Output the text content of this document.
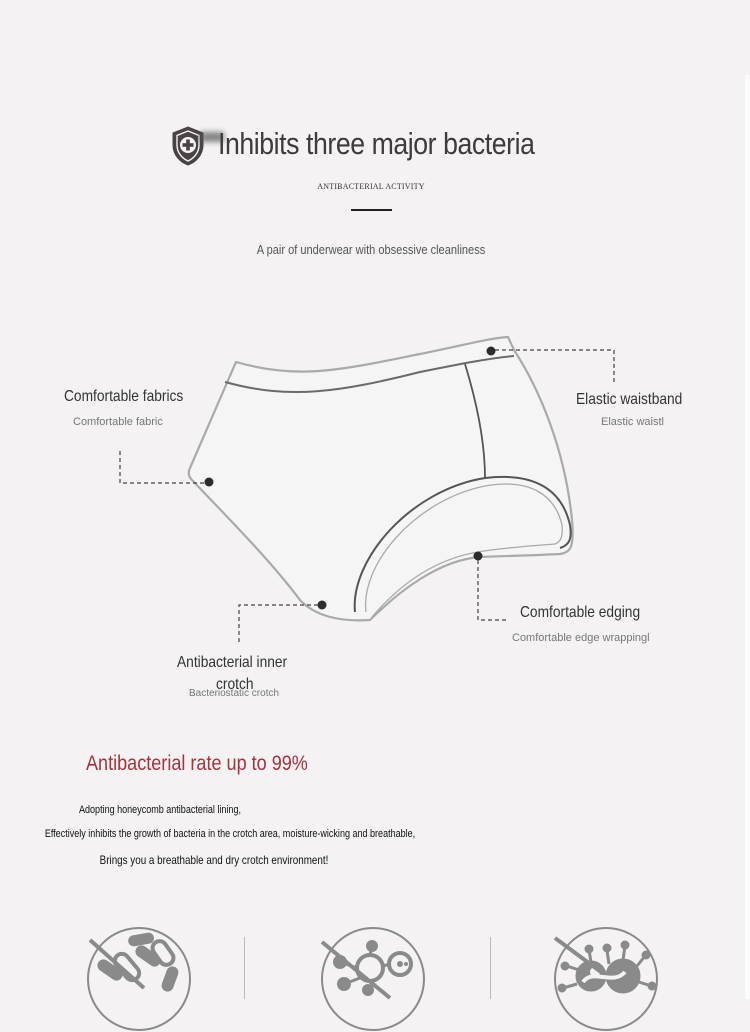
Inhibits three major bacteria
ANTIBACTERIAL ACTIVITY
A pair of underwear with obsessive cleanliness
Comfortable fabrics
Comfortable fabric
Elastic waistband
Elastic waistl
Comfortable edging
Comfortable edge wrappingl
Antibacterial inner
crotch
Bacteriostatic crotch
Antibacterial rate up to 99%
Adopting honeycomb antibacterial lining,
Effectively inhibits the growth of bacteria in the crotch area, moisture-wicking and breathable,
Brings you a breathable and dry crotch environment!
